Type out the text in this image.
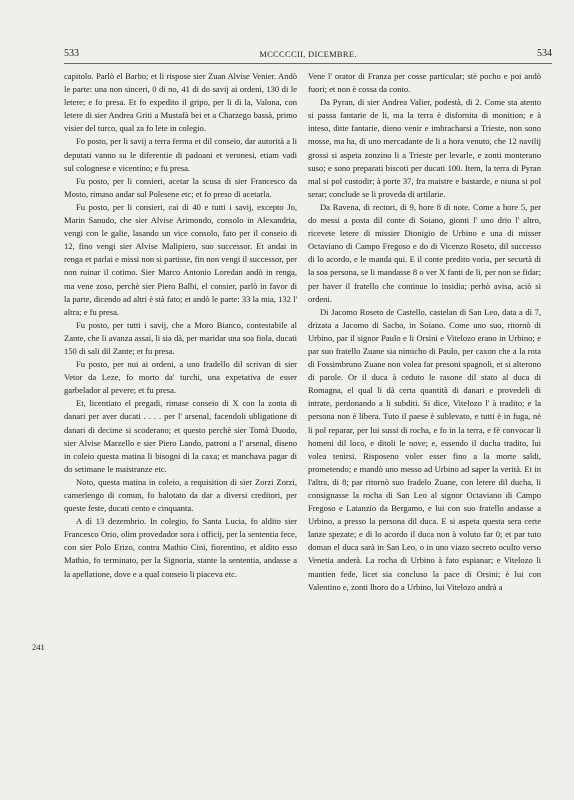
533	MCCCCCII, DICEMBRE.	534
241

capitolo. Parlò el Barbo; et li rispose sier Zuan Alvise Venier. Andò le parte: una non sinceri, 0 di no, 41 di do savij ai ordeni, 130 di le letere; e fo presa. Et fo expedito il gripo, per li di la, Valona, con letere di sier Andrea Griti a Mustafà bei et a Charzego bassà, primo visier del turco, qual za fo lete in colegio.

Fo posto, per li savij a terra ferma et dil conseio, dar autorità a li deputati vanno su le diferentie di padoani et veronesi, etiam vadi sul colognese e vicentino; e fu presa.

Fu posto, per li consieri, acetar la scusa di sier Francesco da Mosto, rimaso andar sul Polesene etc; et fo preso di acetarla.

Fu posto, per li consieri, cai di 40 e tutti i savij, excepto Jo, Marin Sanudo, che sier Alvise Arimondo, consolo in Alexandria, vengi con le galie, lasando un vice consolo, fato per il conseio di 12, fino vengi sier Alvise Malipiero, suo successor. Et andai in renga et parlai e missi non si partisse, fin non vengi il successor, per non ruinar il cotimo. Sier Marco Antonio Loredan andò in renga, ma vene zoso, perchè sier Piero Balbi, el consier, parlò in favor di la parte, dicendo ad altri è stà fato; et andò le parte: 33 la mia, 132 l' altra; e fu presa.

Fu posto, per tutti i savij, che a Moro Bianco, contestabile al Zante, che li avanza assai, li sia dà, per maridar una soa fiola, ducati 150 di sali dil Zante; et fu presa.

Fu posto, per nui ai ordeni, a uno fradello dil scrivan di sier Vetor da Leze, fo morto da' turchi, una expetativa de esser garbelador al pevere; et fu presa.

Et, licentiato el pregadi, rimase conseio di X con la zonta di danari per aver ducati . . . . per l' arsenal, facendoli ubligatione di danari di decime si scoderano; et questo perchè sier Tomà Duodo, sier Alvise Marzello e sier Piero Lando, patroni a l' arsenal, diseno in coleio questa matina li bisogni di la caxa; et manchava pagar di do setimane le maistranze etc.

Noto, questa matina in coleio, a requisition di sier Zorzi Zorzi, camerlengo di comun, fo balotato da dar a diversi creditori, per queste feste, ducati cento e cinquanta.

A dì 13 dezembrio. In colegio, fo Santa Lucia, fo aldito sier Francesco Orio, olim provedador sora i officij, per la sententia fece, con sier Polo Erizo, contra Mathio Cini, fiorentino, et aldito esso Mathio, fo terminato, per la Signoria, stante la sententia, andasse a la apellatione, dove e a qual conseio li piaceva etc.

Vene l' orator di Franza per cosse particular; stè pocho e poi andò fuori; et non è cossa da conto.

Da Pyran, di sier Andrea Valier, podestà, di 2. Come sta atento si passa fantarie de li, ma la terra è disfornita di monition; e à inteso, ditte fantarie, dieno venir e imbracharsi a Trieste, non sono mosse, ma ha, di uno mercadante de li a hora venuto, che 12 navilij grossi si aspeta zonzino li a Trieste per levarle, e zonti monterano suso; e sono preparati biscoti per ducati 100. Item, la terra di Pyran mal si pol custodir; à porte 37, fra maistre e bastarde, e niuna si pol serar; conclude se li proveda di artilarie.

Da Ravena, di rectori, di 9, hore 8 di note. Come a hore 5, per do messi a posta dil conte di Soiano, gionti l' uno drio l' altro, ricevete letere di missier Dionigio de Urbino e una di misser Octaviano di Campo Fregoso e do di Vicenzo Roseto, dil successo di lo acordo, e le manda qui. E il conte predito voria, per securtà di la soa persona, se li mandasse 8 o ver X fanti de li, per non se fidar; per haver il fratello che continue lo insidia; perhò avisa, aciò si ordeni.

Di Jacomo Roseto de Castello, castelan di San Leo, data a dì 7, drizata a Jacomo di Sacho, in Soiano. Come uno suo, ritornò di Urbino, par il signor Paulo e li Orsini e Vitelozo erano in Urbino; e par suo fratello Zuane sia nimicho di Paulo, per caxon che a la rota di Fossimbruno Zuane non volea far presoni spagnoli, et si alterono di parole. Or il duca à ceduto le rasone dil stato al duca di Romagna, el qual li dà certa quantità di danari e provedeli di intrate, perdonando a li subditi. Si dice, Vitelozo l' à tradito; e la persona non è libera. Tuto il paese è sublevato, e tutti è in fuga, nè li pol reparar, per lui sussi di rocha, e fo in la terra, e fè convocar li homeni dil loco, e ditoli le nove; e, essendo il ducha tradito, lui volea tenirsi. Risposeno voler esser fino a la morte saldi, prometendo; e mandò uno messo ad Urbino ad saper la verità. Et in l'altra, di 8; par ritornò suo fradelo Zuane, con letere dil ducha, li consignasse la rocha di San Leo al signor Octaviano di Campo Fregoso e Latanzio da Bergamo, e lui con suo fratello andasse a Urbino, a presso la persona dil duca. E si aspeta questa sera certe lanze spezate; e di lo acordo il duca non à voluto far 0; et par tuto doman el duca sarà in San Leo, o in uno viazo secreto oculto verso Venetia anderà. La rocha di Urbino à fato espianar; e Vitelozo li mantien fede, licet sia concluso la pace di Orsini; è lui con Valentino e, zonti lhoro do a Urbino, lui Vitelozo andrà a
